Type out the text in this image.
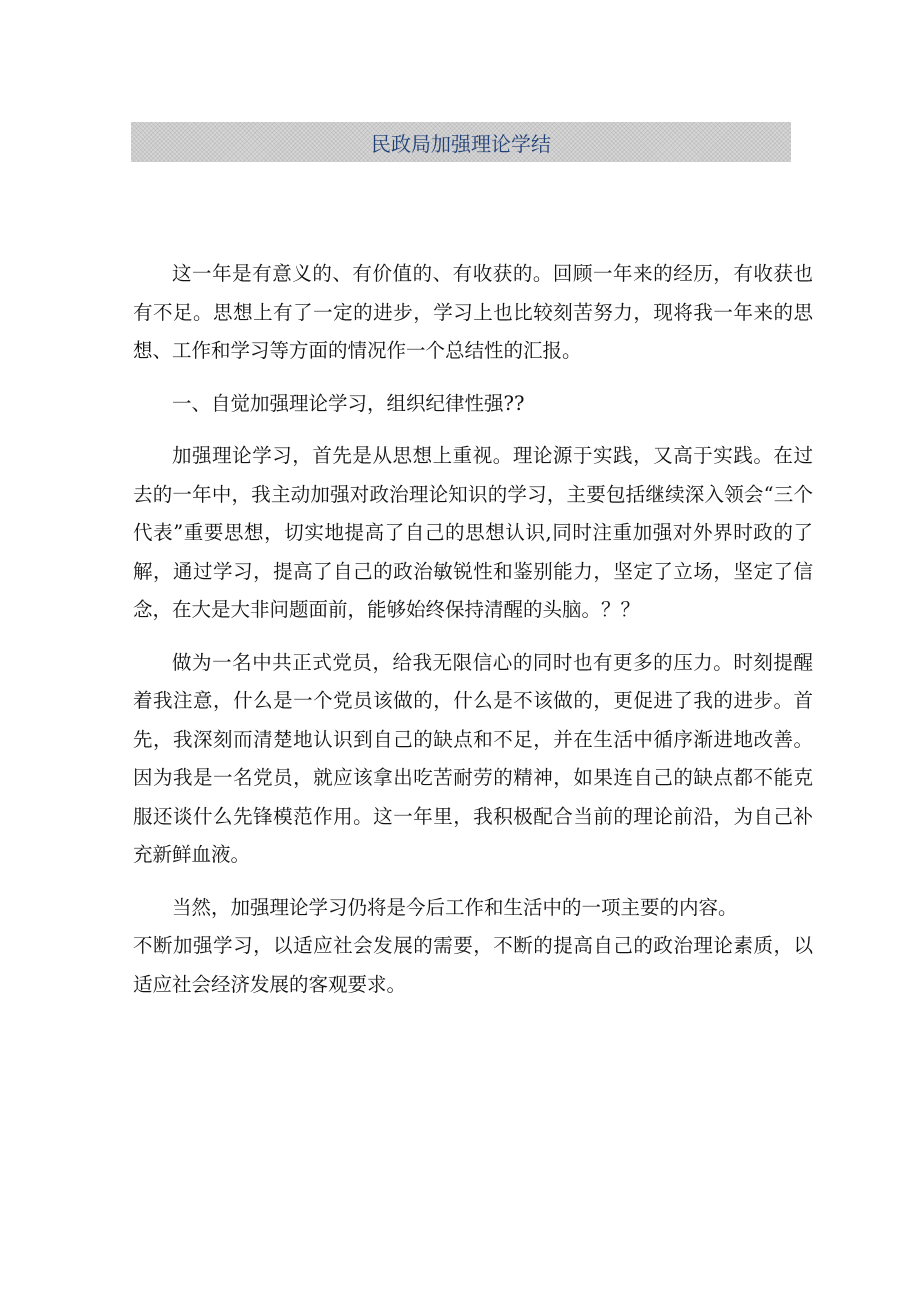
民政局加强理论学结

这一年是有意义的、有价值的、有收获的。回顾一年来的经历，有收获也有不足。思想上有了一定的进步，学习上也比较刻苦努力，现将我一年来的思想、工作和学习等方面的情况作一个总结性的汇报。

一、自觉加强理论学习，组织纪律性强??

加强理论学习，首先是从思想上重视。理论源于实践，又高于实践。在过去的一年中，我主动加强对政治理论知识的学习，主要包括继续深入领会“三个代表”重要思想，切实地提高了自己的思想认识,同时注重加强对外界时政的了解，通过学习，提高了自己的政治敏锐性和鉴别能力，坚定了立场，坚定了信念，在大是大非问题面前，能够始终保持清醒的头脑。？？

做为一名中共正式党员，给我无限信心的同时也有更多的压力。时刻提醒着我注意，什么是一个党员该做的，什么是不该做的，更促进了我的进步。首先，我深刻而清楚地认识到自己的缺点和不足，并在生活中循序渐进地改善。因为我是一名党员，就应该拿出吃苦耐劳的精神，如果连自己的缺点都不能克服还谈什么先锋模范作用。这一年里，我积极配合当前的理论前沿，为自己补充新鲜血液。

当然，加强理论学习仍将是今后工作和生活中的一项主要的内容。

不断加强学习，以适应社会发展的需要，不断的提高自己的政治理论素质，以适应社会经济发展的客观要求。
